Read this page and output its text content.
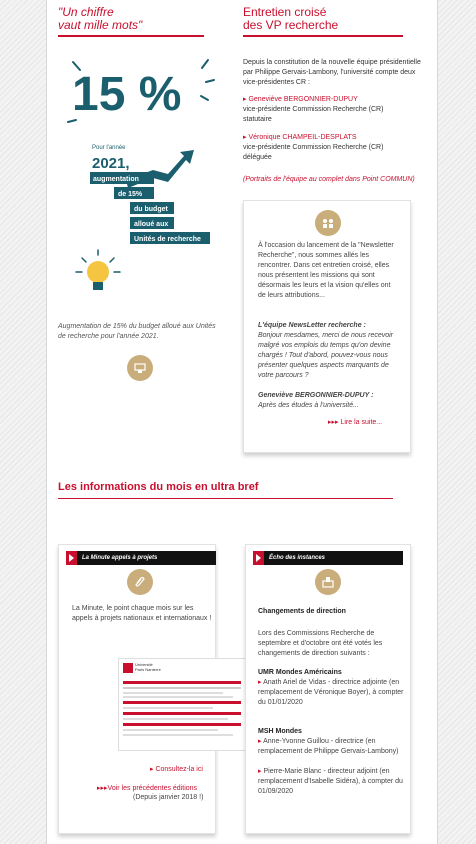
"Un chiffre
vaut mille mots"
Entretien croisé
des VP recherche
15 %
Pour l'année
2021,
augmentation
de 15%
du budget
alloué aux
Unités de recherche
Augmentation de 15% du budget alloué aux Unités de recherche pour l'année 2021.
Depuis la constitution de la nouvelle équipe présidentielle par Philippe Gervais-Lambony, l'université compte deux vice-présidentes CR :
▸ Geneviève BERGONNIER-DUPUY
vice-présidente Commission Recherche (CR)
statutaire
▸ Véronique CHAMPEIL-DESPLATS
vice-présidente Commission Recherche (CR)
déléguée
(Portraits de l'équipe au complet dans Point COMMUN)
À l'occasion du lancement de la "Newsletter Recherche", nous sommes allés les rencontrer. Dans cet entretien croisé, elles nous présentent les missions qui sont désormais les leurs et la vision qu'elles ont de leurs attributions...
L'équipe NewsLetter recherche :
Bonjour mesdames, merci de nous recevoir malgré vos emplois du temps qu'on devine chargés ! Tout d'abord, pouvez-vous nous présenter quelques aspects marquants de votre parcours ?
Geneviève BERGONNIER-DUPUY :
Après des études à l'université...
▸▸▸ Lire la suite...
Les informations du mois en ultra bref
La Minute appels à projets
La Minute, le point chaque mois sur les appels à projets nationaux et internationaux !
Université
Paris Nanterre
▸ Consultez-la ici
▸▸▸Voir les précédentes éditions
(Depuis janvier 2018 !)
Écho des instances
Changements de direction
Lors des Commissions Recherche de septembre et d'octobre ont été votés les changements de direction suivants :
UMR Mondes Américains
▸ Anath Ariel de Vidas - directrice adjointe (en remplacement de Véronique Boyer), à compter du 01/01/2020
MSH Mondes
▸ Anne-Yvonne Guillou - directrice (en remplacement de Philippe Gervais-Lambony)
▸ Pierre-Marie Blanc - directeur adjoint (en remplacement d'Isabelle Sidéra), à compter du 01/09/2020
